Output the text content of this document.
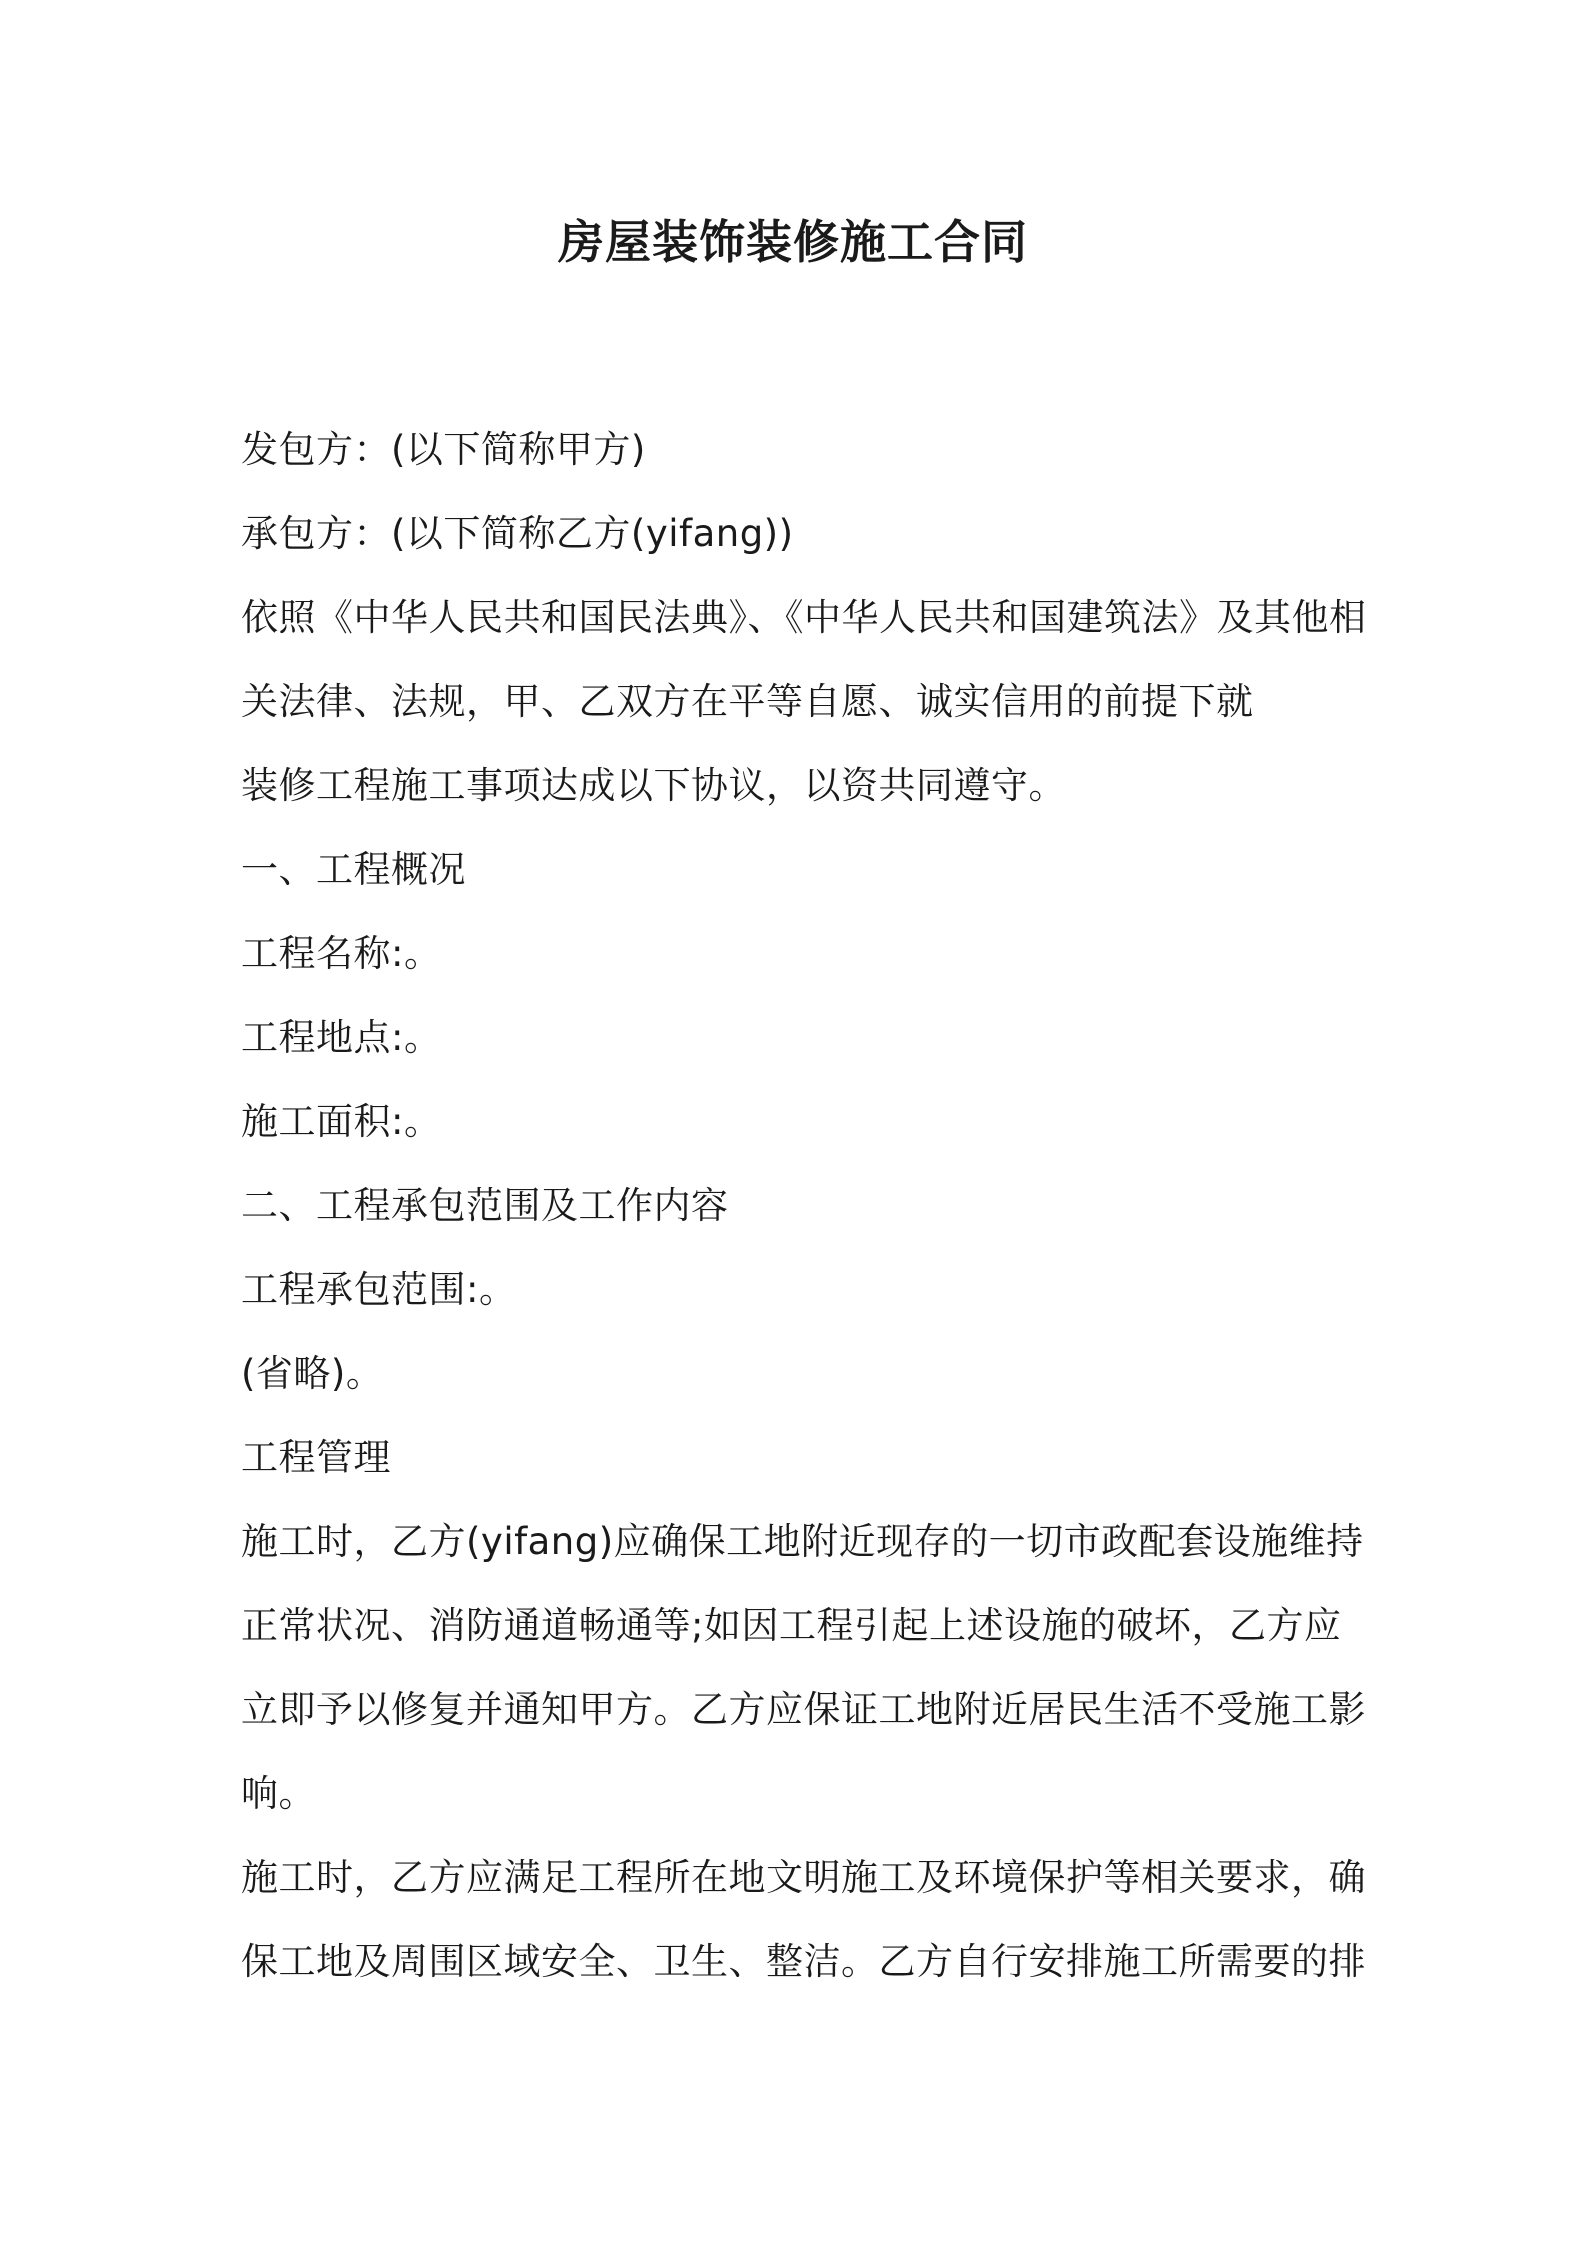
房屋装饰装修施工合同
发包方：(以下简称甲方)
承包方：(以下简称乙方(yifang))
依照《中华人民共和国民法典》、《中华人民共和国建筑法》及其他相
关法律、法规，甲、乙双方在平等自愿、诚实信用的前提下就
装修工程施工事项达成以下协议，以资共同遵守。
一、工程概况
工程名称:。
工程地点:。
施工面积:。
二、工程承包范围及工作内容
工程承包范围:。
(省略)。
工程管理
施工时，乙方(yifang)应确保工地附近现存的一切市政配套设施维持
正常状况、消防通道畅通等;如因工程引起上述设施的破坏，乙方应
立即予以修复并通知甲方。乙方应保证工地附近居民生活不受施工影
响。
施工时，乙方应满足工程所在地文明施工及环境保护等相关要求，确
保工地及周围区域安全、卫生、整洁。乙方自行安排施工所需要的排
